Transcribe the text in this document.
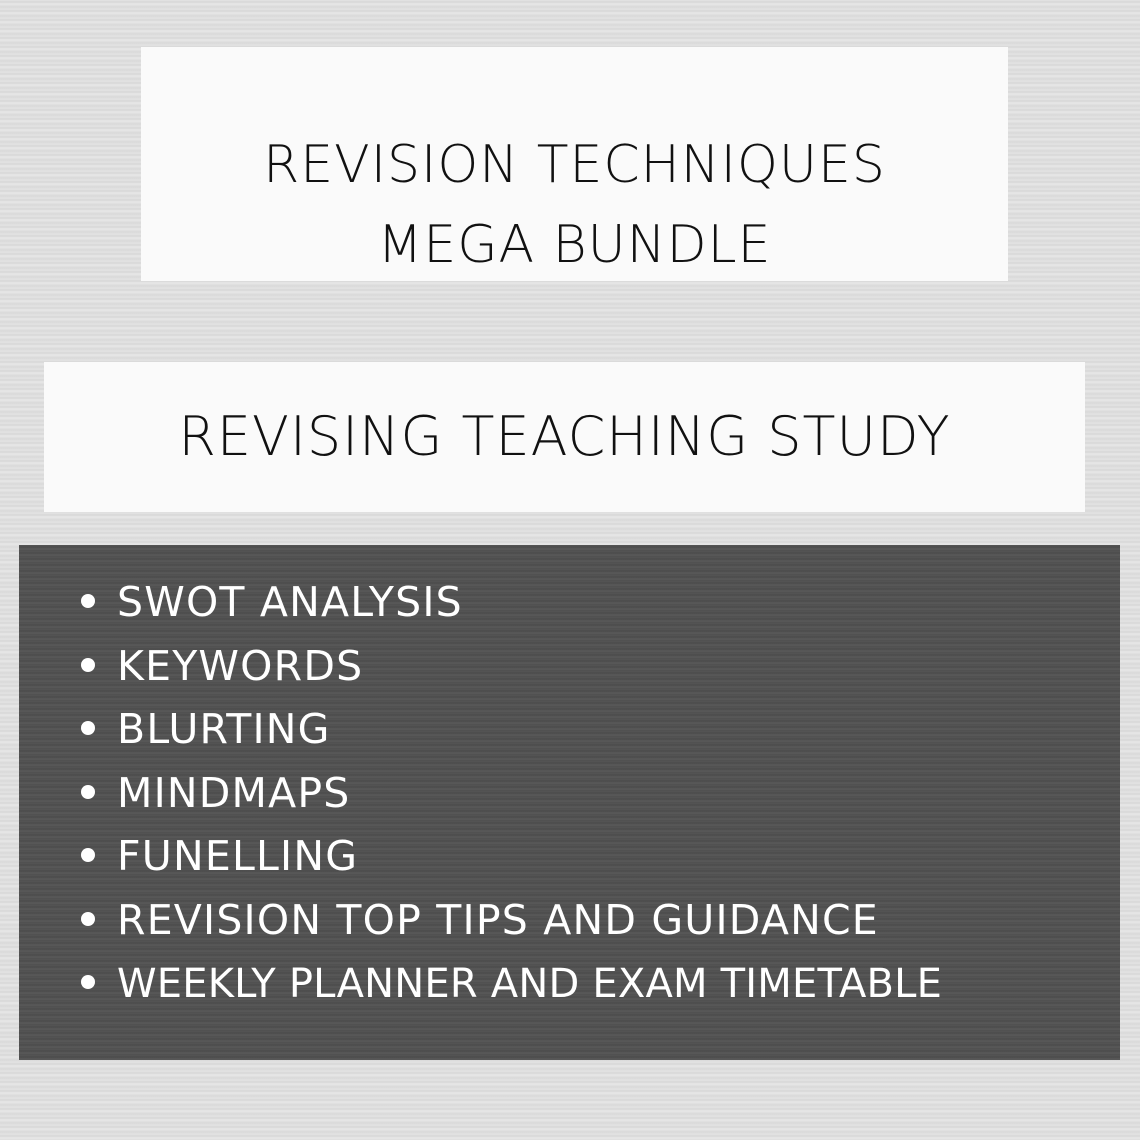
REVISION TECHNIQUES
MEGA BUNDLE
REVISING TEACHING STUDY
SWOT ANALYSIS
KEYWORDS
BLURTING
MINDMAPS
FUNELLING
REVISION TOP TIPS AND GUIDANCE
WEEKLY PLANNER AND EXAM TIMETABLE
